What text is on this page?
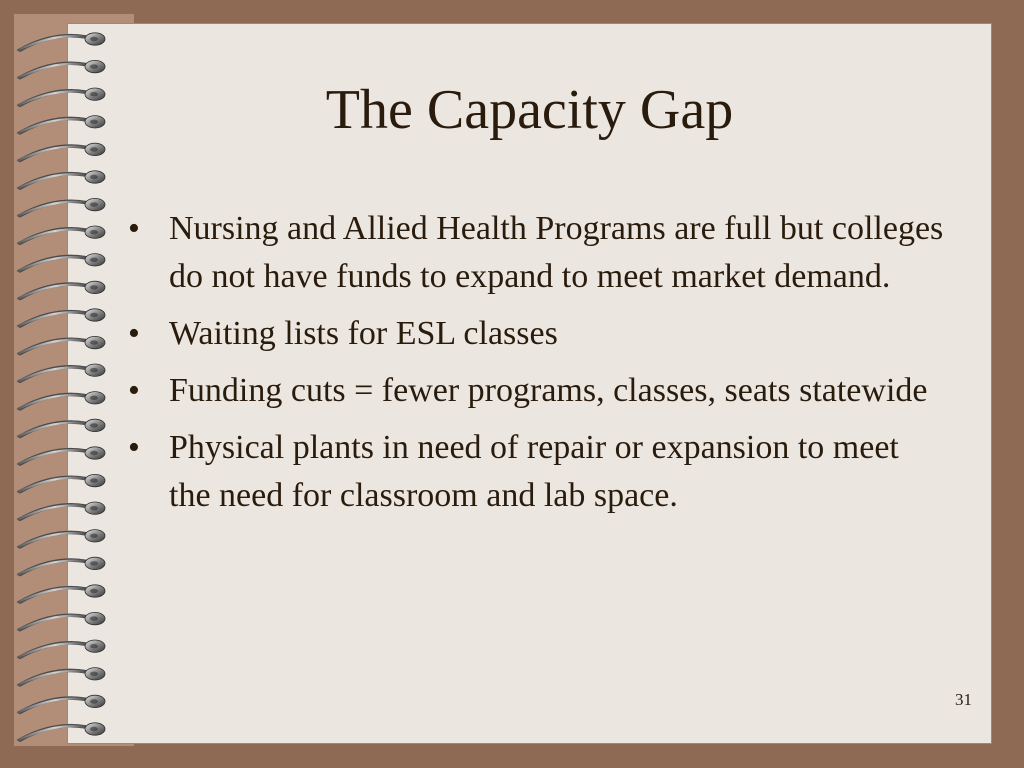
The Capacity Gap
• Nursing and Allied Health Programs are full but colleges do not have funds to expand to meet market demand.
• Waiting lists for ESL classes
• Funding cuts = fewer programs, classes, seats statewide
• Physical plants in need of repair or expansion to meet the need for classroom and lab space.
31
